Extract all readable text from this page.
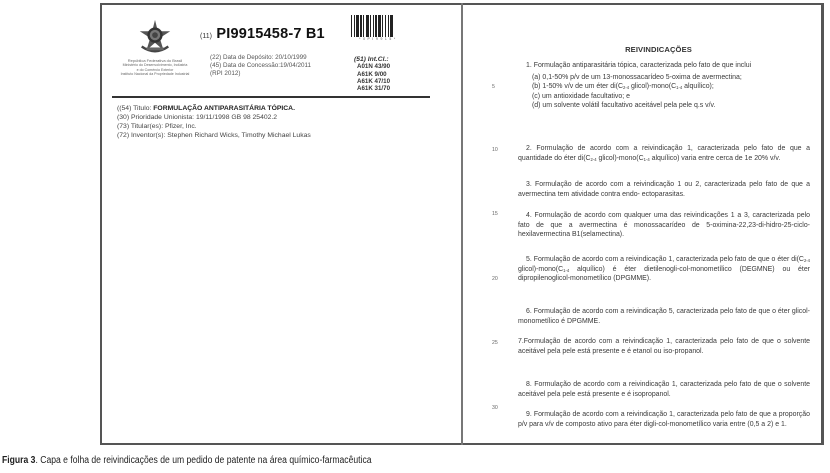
República Federativa do Brasil
Ministério do Desenvolvimento, Indústria
e do Comércio Exterior
Instituto Nacional da Propriedade Industrial
(11) PI9915458-7 B1
(22) Data de Depósito: 20/10/1999
(45) Data de Concessão:19/04/2011
(RPI 2012)
*0PI9915*
(51) Int.Cl.:
A01N 43/90
A61K 9/00
A61K 47/10
A61K 31/70
((54) Titulo: FORMULAÇÃO ANTIPARASITÁRIA TÓPICA.
(30) Prioridade Unionista: 19/11/1998 GB 98 25402.2
(73) Titular(es): Pfizer, Inc.
(72) Inventor(s): Stephen Richard Wicks, Timothy Michael Lukas
REIVINDICAÇÕES
5
10
15
20
25
30
1. Formulação antiparasitária tópica, caracterizada pelo fato de que inclui
(a) 0,1-50% p/v de um 13-monossacarídeo 5-oxima de avermectina;
(b) 1-50% v/v de um éter $di(C_{2-4}$ $glicol)-mono(C_{1-4}$ alquílico);
(c) um antioxidade facultativo; e
(d) um solvente volátil facultativo aceitável pela pele q.s v/v.
2. Formulação de acordo com a reivindicação 1, caracterizada pelo fato de que a quantidade do éter $di(C_{2-4}$ $glicol)-mono(C_{1-4}$ alquílico) varia entre cerca de 1e 20% v/v.
3. Formulação de acordo com a reivindicação 1 ou 2, caracterizada pelo fato de que a avermectina tem atividade contra endo- ectoparasitas.
4. Formulação de acordo com qualquer uma das reivindicações 1 a 3, caracterizada pelo fato de que a avermectina é monossacarídeo de 5-oximina-22,23-di-hidro-25-ciclo-hexilavermectina B1(selamectina).
5. Formulação de acordo com a reivindicação 1, caracterizada pelo fato de que o éter $di(C_{2-4}$ $glicol)-mono(C_{1-4}$ alquílico) é éter dietilenogli-col-monometílico (DEGMNE) ou éter dipropilenoglicol-monometílico (DPGMME).
6. Formulação de acordo com a reivindicação 5, caracterizada pelo fato de que o éter glicol-monometílico é DPGMME.
7.Formulação de acordo com a reivindicação 1, caracterizada pelo fato de que o solvente aceitável pela pele está presente e é etanol ou iso-propanol.
8. Formulação de acordo com a reivindicação 1, caracterizada pelo fato de que o solvente aceitável pela pele está presente e é isopropanol.
9. Formulação de acordo com a reivindicação 1, caracterizada pelo fato de que a proporção p/v para v/v de composto ativo para éter digli-col-monometílico varia entre (0,5 a 2) e 1.
Figura 3. Capa e folha de reivindicações de um pedido de patente na área químico-farmacêutica
